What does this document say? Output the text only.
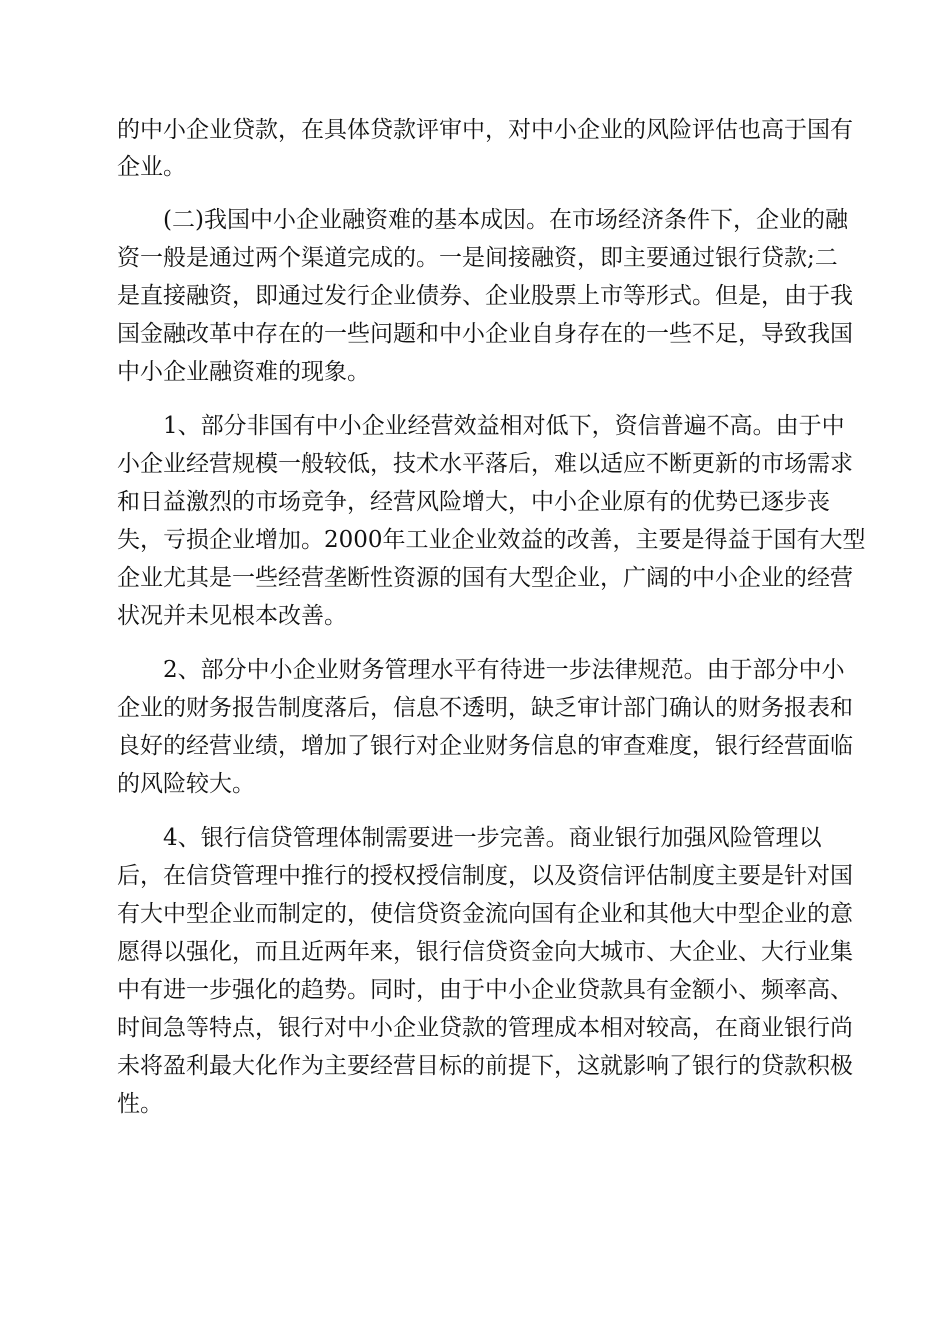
的中小企业贷款，在具体贷款评审中，对中小企业的风险评估也高于国有
企业。
　　(二)我国中小企业融资难的基本成因。在市场经济条件下，企业的融
资一般是通过两个渠道完成的。一是间接融资，即主要通过银行贷款;二
是直接融资，即通过发行企业债券、企业股票上市等形式。但是，由于我
国金融改革中存在的一些问题和中小企业自身存在的一些不足，导致我国
中小企业融资难的现象。
　　1、部分非国有中小企业经营效益相对低下，资信普遍不高。由于中
小企业经营规模一般较低，技术水平落后，难以适应不断更新的市场需求
和日益激烈的市场竞争，经营风险增大，中小企业原有的优势已逐步丧
失，亏损企业增加。2000年工业企业效益的改善，主要是得益于国有大型
企业尤其是一些经营垄断性资源的国有大型企业，广阔的中小企业的经营
状况并未见根本改善。
　　2、部分中小企业财务管理水平有待进一步法律规范。由于部分中小
企业的财务报告制度落后，信息不透明，缺乏审计部门确认的财务报表和
良好的经营业绩，增加了银行对企业财务信息的审查难度，银行经营面临
的风险较大。
　　4、银行信贷管理体制需要进一步完善。商业银行加强风险管理以
后，在信贷管理中推行的授权授信制度，以及资信评估制度主要是针对国
有大中型企业而制定的，使信贷资金流向国有企业和其他大中型企业的意
愿得以强化，而且近两年来，银行信贷资金向大城市、大企业、大行业集
中有进一步强化的趋势。同时，由于中小企业贷款具有金额小、频率高、
时间急等特点，银行对中小企业贷款的管理成本相对较高，在商业银行尚
未将盈利最大化作为主要经营目标的前提下，这就影响了银行的贷款积极
性。
